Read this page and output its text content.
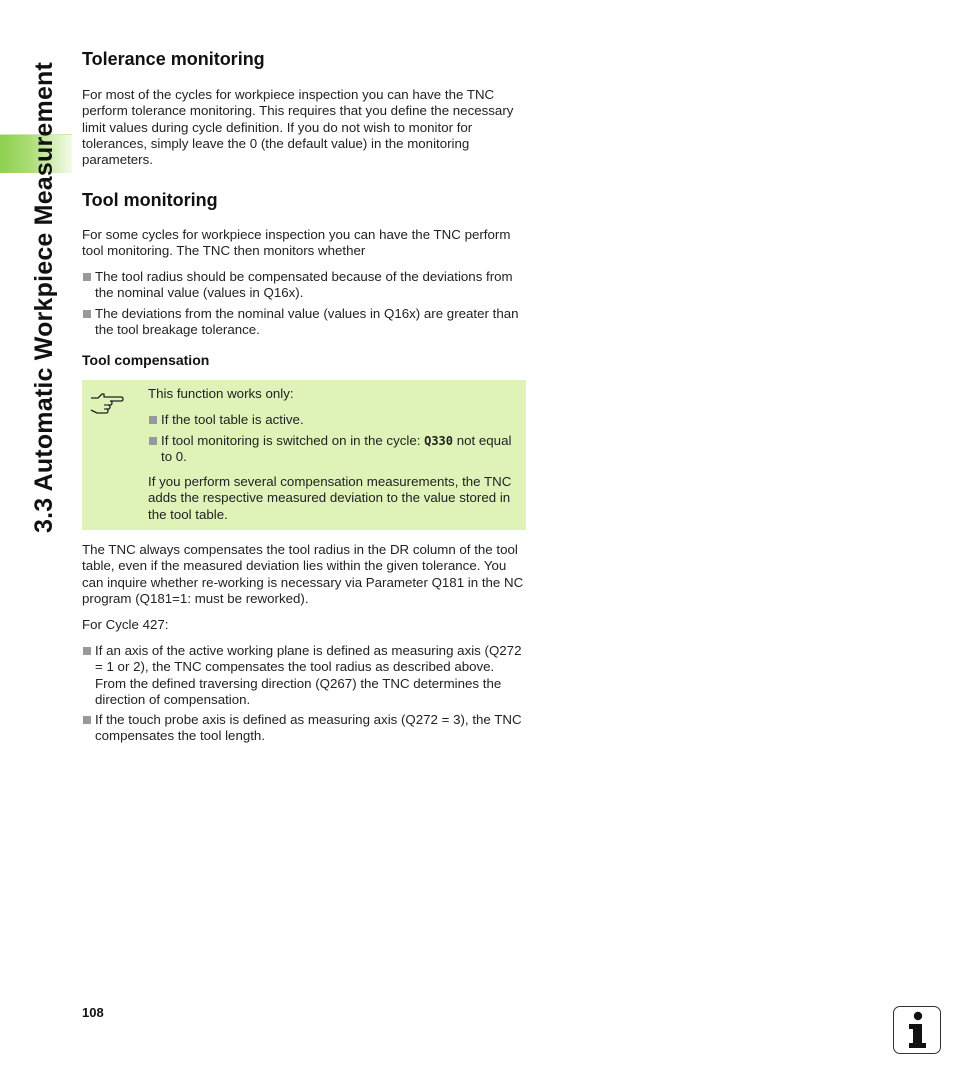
3.3 Automatic Workpiece Measurement
Tolerance monitoring

For most of the cycles for workpiece inspection you can have the TNC perform tolerance monitoring. This requires that you define the necessary limit values during cycle definition. If you do not wish to monitor for tolerances, simply leave the 0 (the default value) in the monitoring parameters.

Tool monitoring

For some cycles for workpiece inspection you can have the TNC perform tool monitoring. The TNC then monitors whether

The tool radius should be compensated because of the deviations from the nominal value (values in Q16x).
The deviations from the nominal value (values in Q16x) are greater than the tool breakage tolerance.
Tool compensation

This function works only:

If the tool table is active.
If tool monitoring is switched on in the cycle: Q330 not equal to 0.

If you perform several compensation measurements, the TNC adds the respective measured deviation to the value stored in the tool table.

The TNC always compensates the tool radius in the DR column of the tool table, even if the measured deviation lies within the given tolerance. You can inquire whether re-working is necessary via Parameter Q181 in the NC program (Q181=1: must be reworked).

For Cycle 427:

If an axis of the active working plane is defined as measuring axis (Q272 = 1 or 2), the TNC compensates the tool radius as described above. From the defined traversing direction (Q267) the TNC determines the direction of compensation.
If the touch probe axis is defined as measuring axis (Q272 = 3), the TNC compensates the tool length.
108
